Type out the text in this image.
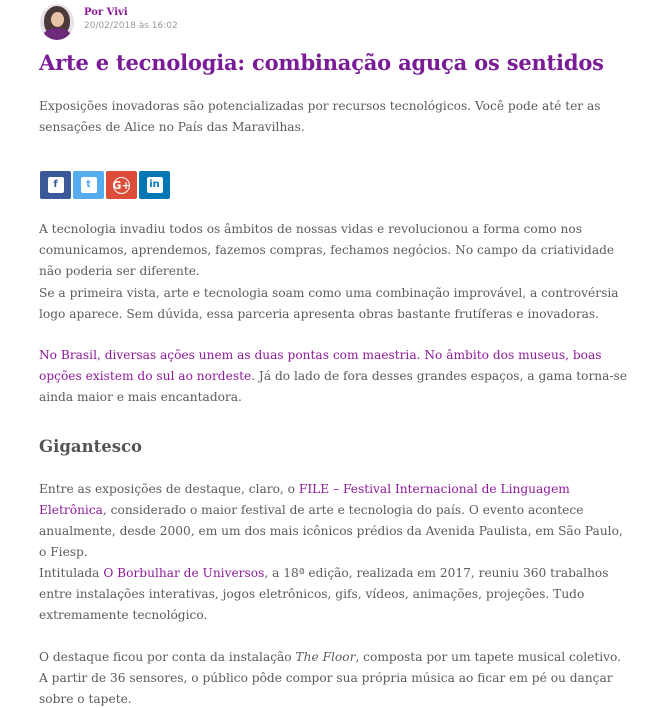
Por Vivi
20/02/2018 às 16:02
Arte e tecnologia: combinação aguça os sentidos

Exposições inovadoras são potencializadas por recursos tecnológicos. Você pode até ter as sensações de Alice no País das Maravilhas.

f	t	G+ in

A tecnologia invadiu todos os âmbitos de nossas vidas e revolucionou a forma como nos comunicamos, aprendemos, fazemos compras, fechamos negócios. No campo da criatividade não poderia ser diferente.

Se a primeira vista, arte e tecnologia soam como uma combinação improvável, a controvérsia logo aparece. Sem dúvida, essa parceria apresenta obras bastante frutíferas e inovadoras.

No Brasil, diversas ações unem as duas pontas com maestria. No âmbito dos museus, boas opções existem do sul ao nordeste. Já do lado de fora desses grandes espaços, a gama torna-se ainda maior e mais encantadora.

Gigantesco

Entre as exposições de destaque, claro, o FILE – Festival Internacional de Linguagem Eletrônica, considerado o maior festival de arte e tecnologia do país. O evento acontece anualmente, desde 2000, em um dos mais icônicos prédios da Avenida Paulista, em São Paulo, o Fiesp.

Intitulada O Borbulhar de Universos, a 18ª edição, realizada em 2017, reuniu 360 trabalhos entre instalações interativas, jogos eletrônicos, gifs, vídeos, animações, projeções. Tudo extremamente tecnológico.

O destaque ficou por conta da instalação The Floor, composta por um tapete musical coletivo. A partir de 36 sensores, o público pôde compor sua própria música ao ficar em pé ou dançar sobre o tapete.
